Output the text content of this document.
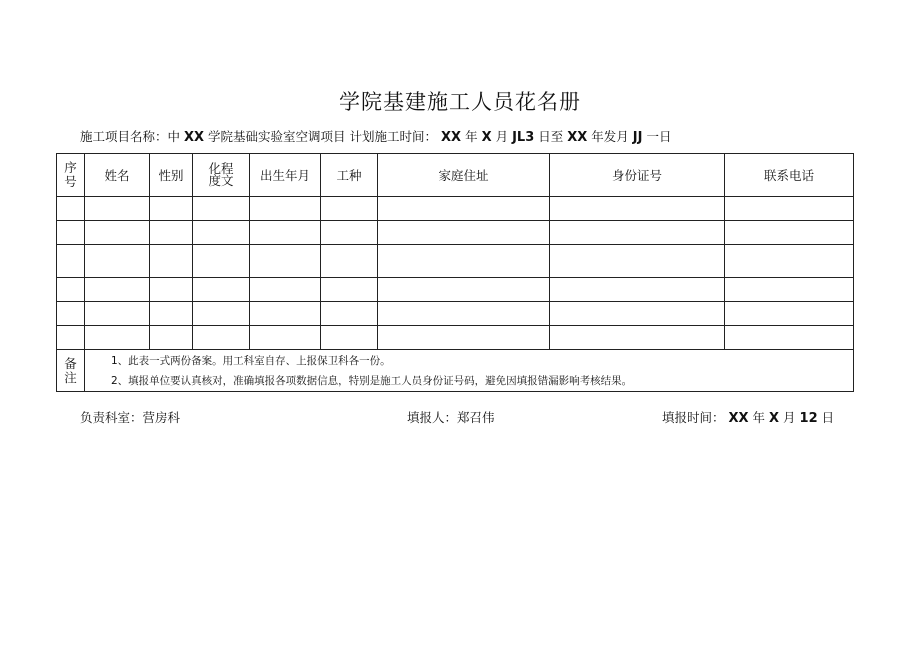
学院基建施工人员花名册
施工项目名称：中 XX 学院基础实验室空调项目 计划施工时间： XX 年 X 月 JL3 日至 XX 年发月 JJ 一日
序号	姓名	性别	化程度文	出生年月	工种	家庭住址	身份证号	联系电话

备注	1、此表一式两份备案。用工科室自存、上报保卫科各一份。
2、填报单位要认真核对，准确填报各项数据信息，特别是施工人员身份证号码，避免因填报错漏影响考核结果。							
负责科室：营房科	填报人：郑召伟	填报时间： XX 年 X 月 12 日
